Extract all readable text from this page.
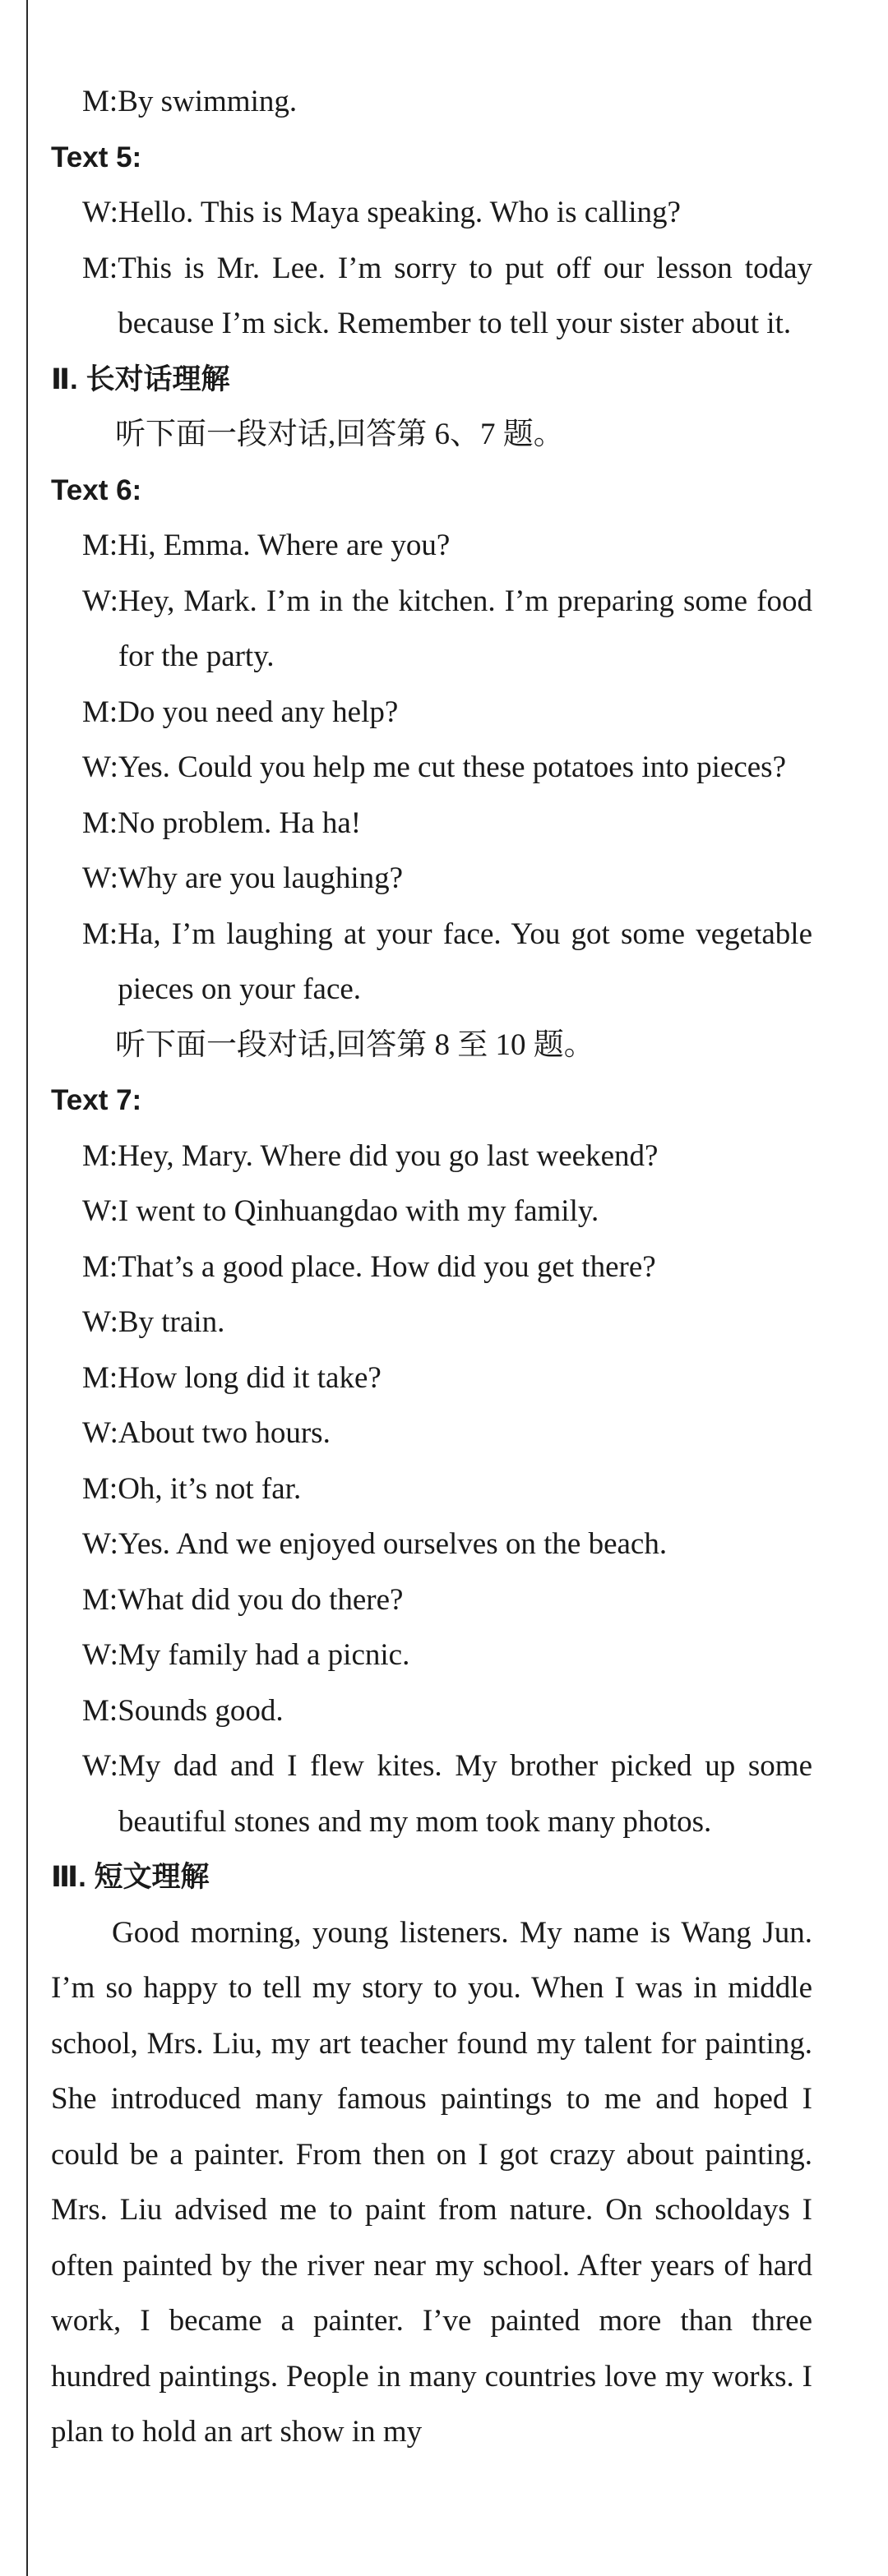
M: By swimming.
Text 5:
W: Hello. This is Maya speaking. Who is calling?
M: This is Mr. Lee. I’m sorry to put off our lesson today because I’m sick. Remember to tell your sister about it.
Ⅱ. 长对话理解
听下面一段对话,回答第 6、7 题。
Text 6:
M: Hi, Emma. Where are you?
W: Hey, Mark. I’m in the kitchen. I’m preparing some food for the party.
M: Do you need any help?
W: Yes. Could you help me cut these potatoes into pieces?
M: No problem. Ha ha!
W: Why are you laughing?
M: Ha, I’m laughing at your face. You got some vegetable pieces on your face.
听下面一段对话,回答第 8 至 10 题。
Text 7:
M: Hey, Mary. Where did you go last weekend?
W: I went to Qinhuangdao with my family.
M: That’s a good place. How did you get there?
W: By train.
M: How long did it take?
W: About two hours.
M: Oh, it’s not far.
W: Yes. And we enjoyed ourselves on the beach.
M: What did you do there?
W: My family had a picnic.
M: Sounds good.
W: My dad and I flew kites. My brother picked up some beautiful stones and my mom took many photos.
Ⅲ. 短文理解

Good morning, young listeners. My name is Wang Jun. I’m so happy to tell my story to you. When I was in middle school, Mrs. Liu, my art teacher found my talent for painting. She introduced many famous paintings to me and hoped I could be a painter. From then on I got crazy about painting. Mrs. Liu advised me to paint from nature. On schooldays I often painted by the river near my school. After years of hard work, I became a painter. I’ve painted more than three hundred paintings. People in many countries love my works. I plan to hold an art show in my
